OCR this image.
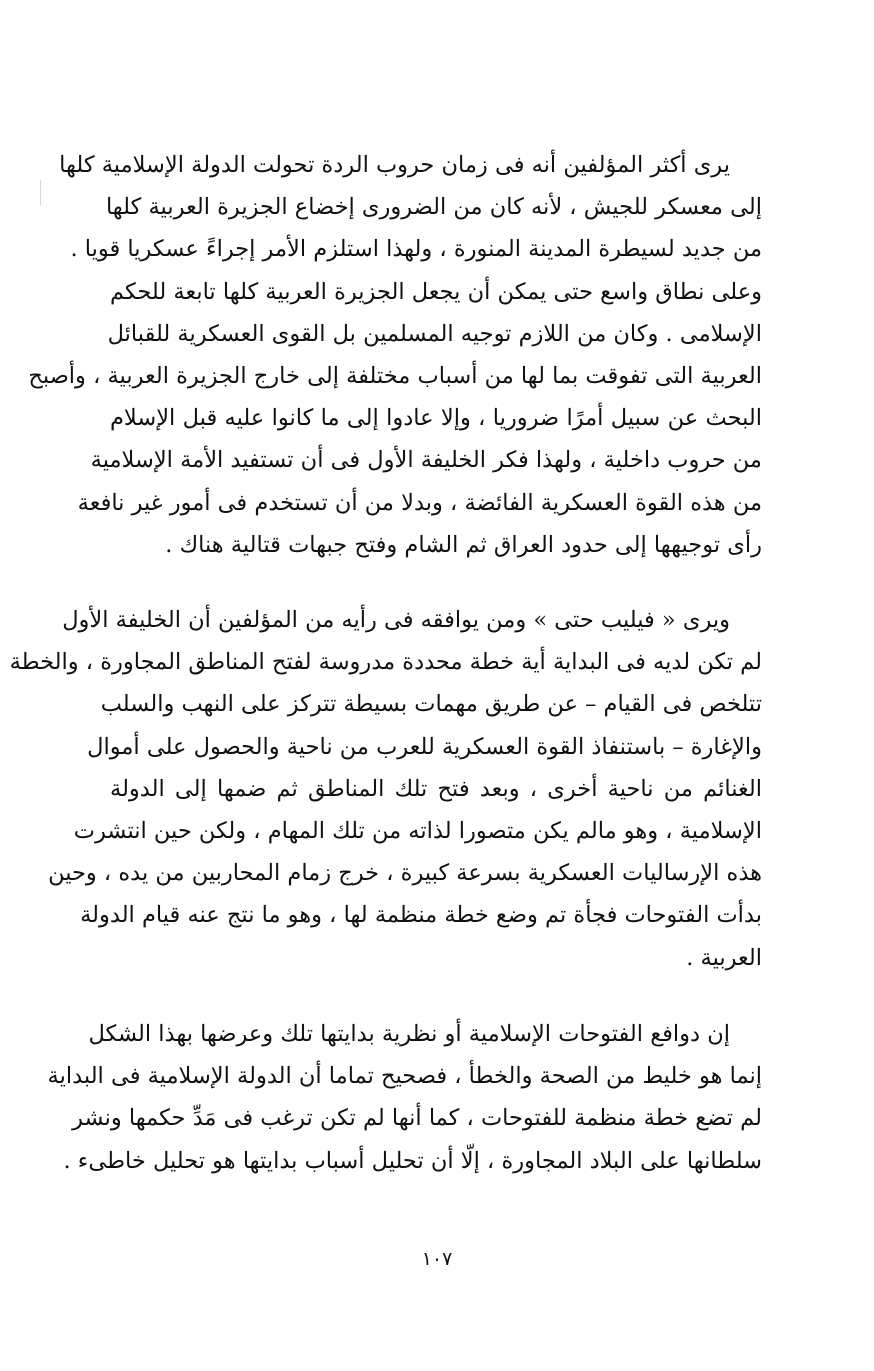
يرى أكثر المؤلفين أنه فى زمان حروب الردة تحولت الدولة الإسلامية كلها
إلى معسكر للجيش ، لأنه كان من الضرورى إخضاع الجزيرة العربية كلها
من جديد لسيطرة المدينة المنورة ، ولهذا استلزم الأمر إجراءً عسكريا قويا .
وعلى نطاق واسع حتى يمكن أن يجعل الجزيرة العربية كلها تابعة للحكم
الإسلامى . وكان من اللازم توجيه المسلمين بل القوى العسكرية للقبائل
العربية التى تفوقت بما لها من أسباب مختلفة إلى خارج الجزيرة العربية ، وأصبح
البحث عن سبيل أمرًا ضروريا ، وإلا عادوا إلى ما كانوا عليه قبل الإسلام
من حروب داخلية ، ولهذا فكر الخليفة الأول فى أن تستفيد الأمة الإسلامية
من هذه القوة العسكرية الفائضة ، وبدلا من أن تستخدم فى أمور غير نافعة
رأى توجيهها إلى حدود العراق ثم الشام وفتح جبهات قتالية هناك .
ويرى « فيليب حتى » ومن يوافقه فى رأيه من المؤلفين أن الخليفة الأول
لم تكن لديه فى البداية أية خطة محددة مدروسة لفتح المناطق المجاورة ، والخطة
تتلخص فى القيام – عن طريق مهمات بسيطة تتركز على النهب والسلب
والإغارة – باستنفاذ القوة العسكرية للعرب من ناحية والحصول على أموال
الغنائم من ناحية أخرى ، وبعد فتح تلك المناطق ثم ضمها إلى الدولة
الإسلامية ، وهو مالم يكن متصورا لذاته من تلك المهام ، ولكن حين انتشرت
هذه الإرساليات العسكرية بسرعة كبيرة ، خرج زمام المحاربين من يده ، وحين
بدأت الفتوحات فجأة تم وضع خطة منظمة لها ، وهو ما نتج عنه قيام الدولة
العربية .
إن دوافع الفتوحات الإسلامية أو نظرية بدايتها تلك وعرضها بهذا الشكل
إنما هو خليط من الصحة والخطأ ، فصحيح تماما أن الدولة الإسلامية فى البداية
لم تضع خطة منظمة للفتوحات ، كما أنها لم تكن ترغب فى مَدِّ حكمها ونشر
سلطانها على البلاد المجاورة ، إلّا أن تحليل أسباب بدايتها هو تحليل خاطىء .
١٠٧
